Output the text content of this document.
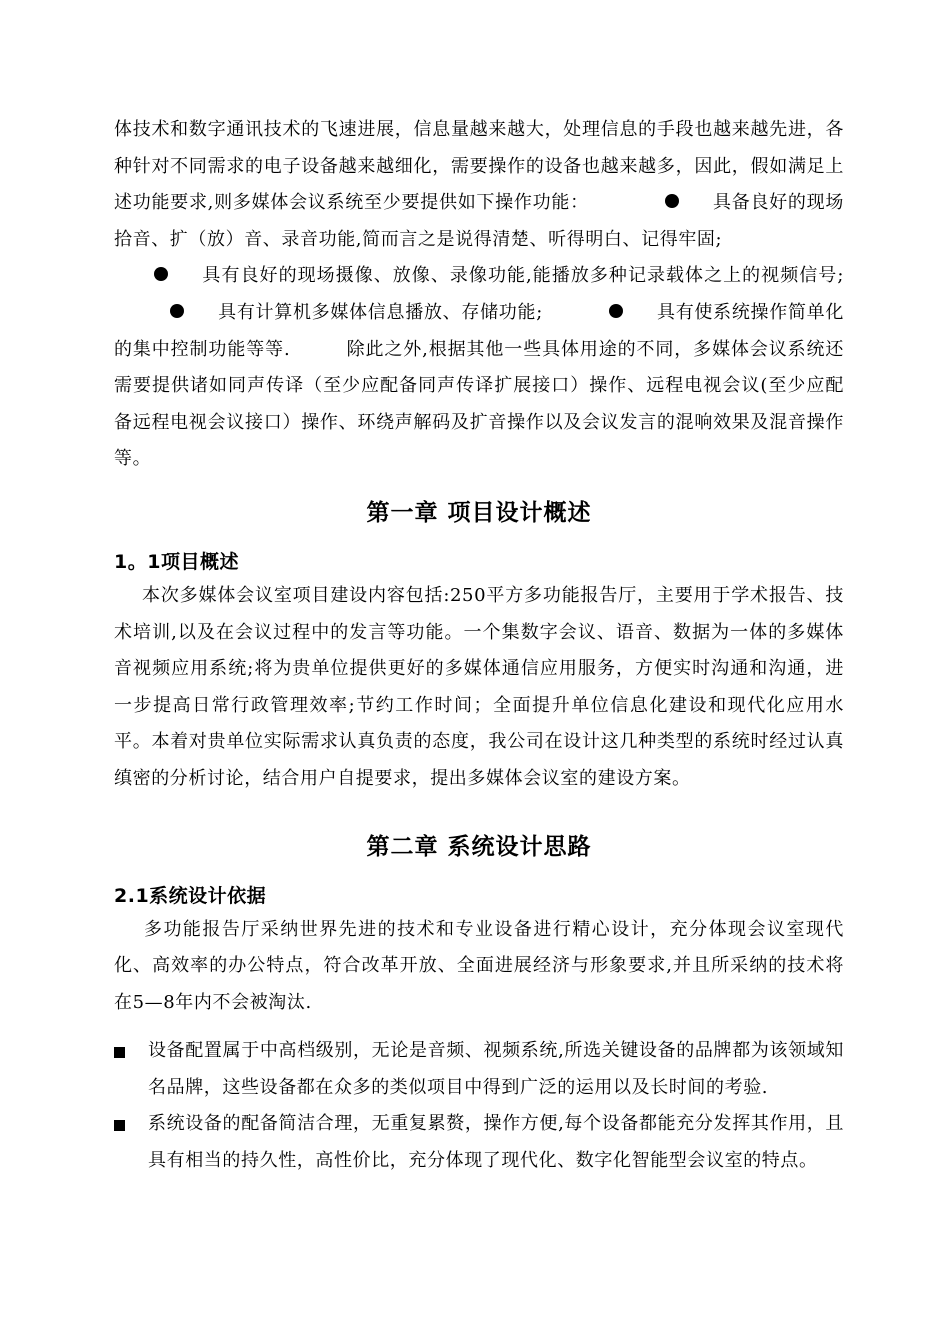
体技术和数字通讯技术的飞速进展，信息量越来越大，处理信息的手段也越来越先进，各种针对不同需求的电子设备越来越细化，需要操作的设备也越来越多，因此，假如满足上述功能要求,则多媒体会议系统至少要提供如下操作功能：	具备良好的现场拾音、扩（放）音、录音功能,简而言之是说得清楚、听得明白、记得牢固;
具有良好的现场摄像、放像、录像功能,能播放多种记录载体之上的视频信号;具有计算机多媒体信息播放、存储功能;	具有使系统操作简单化的集中控制功能等等.	除此之外,根据其他一些具体用途的不同，多媒体会议系统还需要提供诸如同声传译（至少应配备同声传译扩展接口）操作、远程电视会议(至少应配备远程电视会议接口）操作、环绕声解码及扩音操作以及会议发言的混响效果及混音操作等。

第一章 项目设计概述
1。1项目概述

本次多媒体会议室项目建设内容包括:250平方多功能报告厅，主要用于学术报告、技术培训,以及在会议过程中的发言等功能。一个集数字会议、语音、数据为一体的多媒体音视频应用系统;将为贵单位提供更好的多媒体通信应用服务，方便实时沟通和沟通，进一步提高日常行政管理效率;节约工作时间；全面提升单位信息化建设和现代化应用水平。本着对贵单位实际需求认真负责的态度，我公司在设计这几种类型的系统时经过认真缜密的分析讨论，结合用户自提要求，提出多媒体会议室的建设方案。

第二章 系统设计思路
2.1系统设计依据

多功能报告厅采纳世界先进的技术和专业设备进行精心设计，充分体现会议室现代化、高效率的办公特点，符合改革开放、全面进展经济与形象要求,并且所采纳的技术将在5—8年内不会被淘汰.

设备配置属于中高档级别，无论是音频、视频系统,所选关键设备的品牌都为该领域知名品牌，这些设备都在众多的类似项目中得到广泛的运用以及长时间的考验.
系统设备的配备简洁合理，无重复累赘，操作方便,每个设备都能充分发挥其作用，且具有相当的持久性，高性价比，充分体现了现代化、数字化智能型会议室的特点。
